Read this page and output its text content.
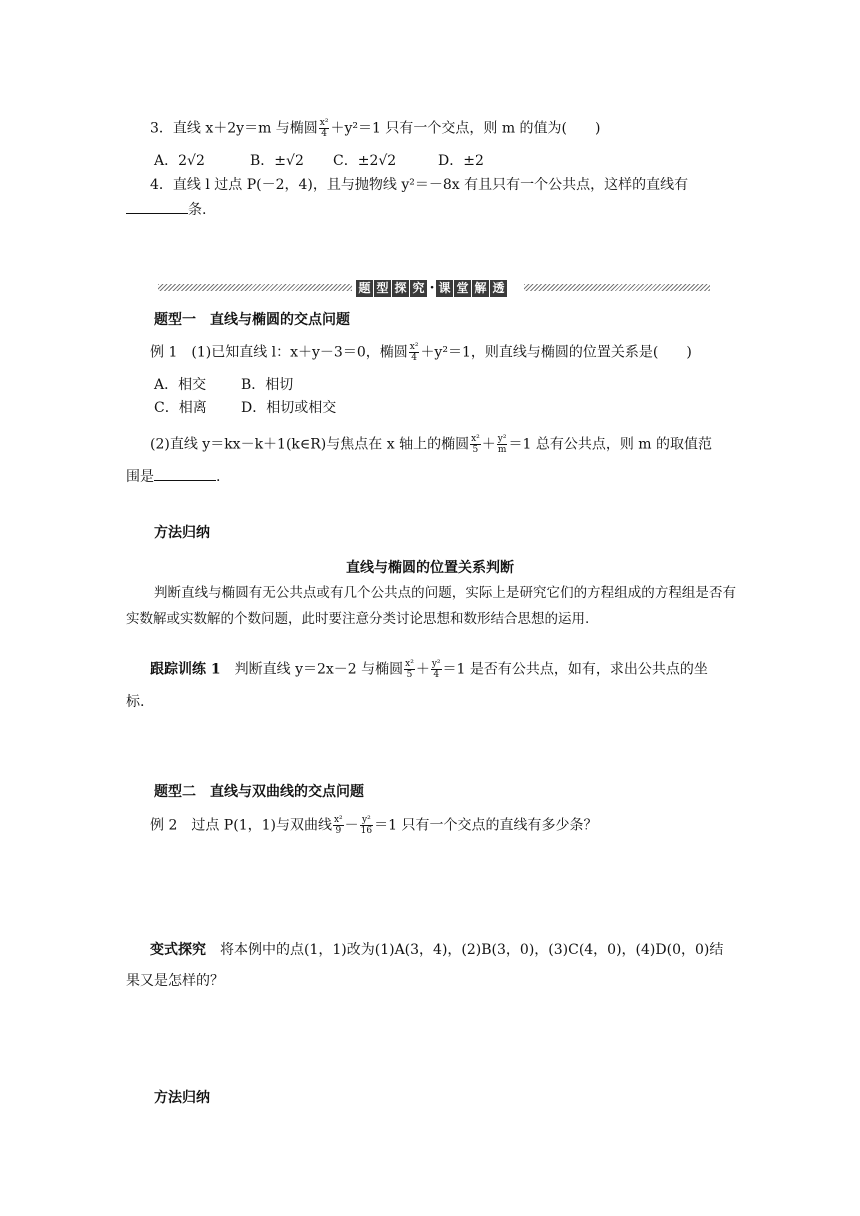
3．直线 x＋2y＝m 与椭圆 $\frac{\text{x²}}{4} +y^2=1$ 只有一个交点，则 m 的值为(　　)
A．2√2	B．±√2 C．±2√2	D．±2
4．直线 l 过点 P(－2，4)，且与抛物线 y²＝－8x 有且只有一个公共点，这样的直线有
条.
题 型 探 究 · 课 堂 解 透
题型一　直线与椭圆的交点问题
例 1　 (1)已知直线 l：x＋y－3＝0，椭圆 $\frac{\text{x²}}{4} +y^2=1$，则直线与椭圆的位置关系是(　　)
A．相交 B．相切
C．相离 D．相切或相交
(2)直线 y＝kx－k＋1(k∈R)与焦点在 x 轴上的椭圆 $\frac{\text{x²}}{5} + \frac{\text{y²}}{m} =1$ 总有公共点，则 m 的取值范
围是	.
方法归纳
直线与椭圆的位置关系判断
判断直线与椭圆有无公共点或有几个公共点的问题，实际上是研究它们的方程组成的方程组是否有实数解或实数解的个数问题，此时要注意分类讨论思想和数形结合思想的运用.
跟踪训练 1　 判断直线 y＝2x－2 与椭圆 $\frac{\text{x²}}{5} + \frac{\text{y²}}{4} =1$ 是否有公共点，如有，求出公共点的坐
标.
题型二　直线与双曲线的交点问题
例 2　 过点 P(1，1)与双曲线 $\frac{\text{x²}}{9} - \frac{\text{y²}}{16} =1$ 只有一个交点的直线有多少条？
变式探究　 将本例中的点(1，1)改为(1)A(3，4)，(2)B(3，0)，(3)C(4，0)，(4)D(0，0)结
果又是怎样的？
方法归纳
